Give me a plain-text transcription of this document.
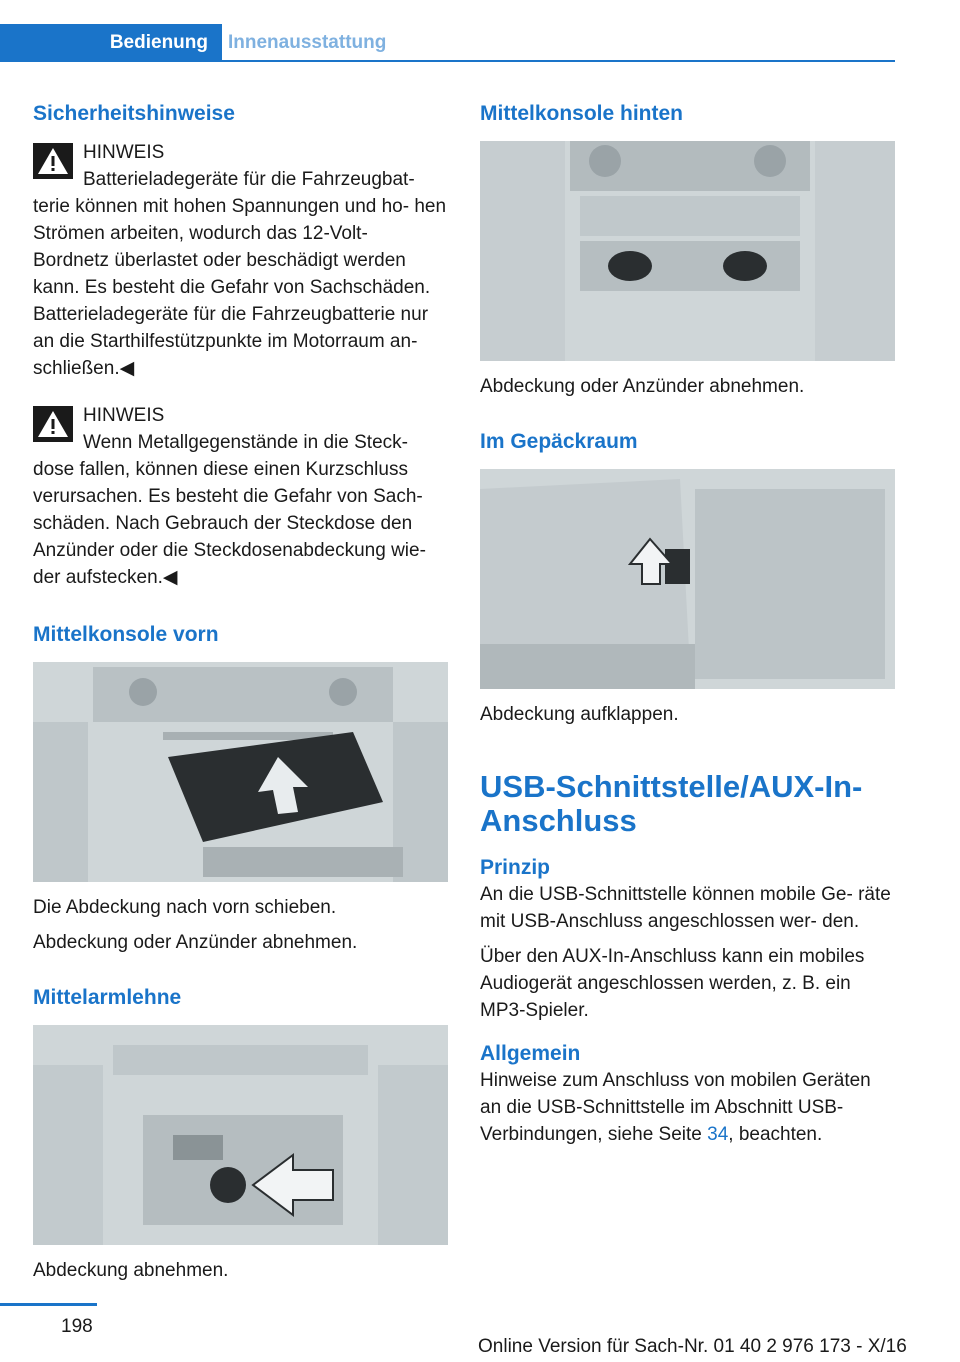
Bedienung	Innenausstattung
Sicherheitshinweise
HINWEIS
Batterieladegeräte für die Fahrzeugbat-
terie können mit hohen Spannungen und ho- hen Strömen arbeiten, wodurch das 12-Volt- Bordnetz überlastet oder beschädigt werden kann. Es besteht die Gefahr von Sachschäden. Batterieladegeräte für die Fahrzeugbatterie nur an die Starthilfestützpunkte im Motorraum an- schließen.◀
HINWEIS
Wenn Metallgegenstände in die Steck-
dose fallen, können diese einen Kurzschluss verursachen. Es besteht die Gefahr von Sach- schäden. Nach Gebrauch der Steckdose den Anzünder oder die Steckdosenabdeckung wie- der aufstecken.◀
Mittelkonsole vorn
Die Abdeckung nach vorn schieben.
Abdeckung oder Anzünder abnehmen.
Mittelarmlehne
Abdeckung abnehmen.
Mittelkonsole hinten
Abdeckung oder Anzünder abnehmen.
Im Gepäckraum
Abdeckung aufklappen.
USB-Schnittstelle/AUX-In-Anschluss
Prinzip
An die USB-Schnittstelle können mobile Ge- räte mit USB-Anschluss angeschlossen wer- den.
Über den AUX-In-Anschluss kann ein mobiles Audiogerät angeschlossen werden, z. B. ein MP3-Spieler.
Allgemein
Hinweise zum Anschluss von mobilen Geräten an die USB-Schnittstelle im Abschnitt USB- Verbindungen, siehe Seite 34, beachten.
198
Online Version für Sach-Nr. 01 40 2 976 173 - X/16
